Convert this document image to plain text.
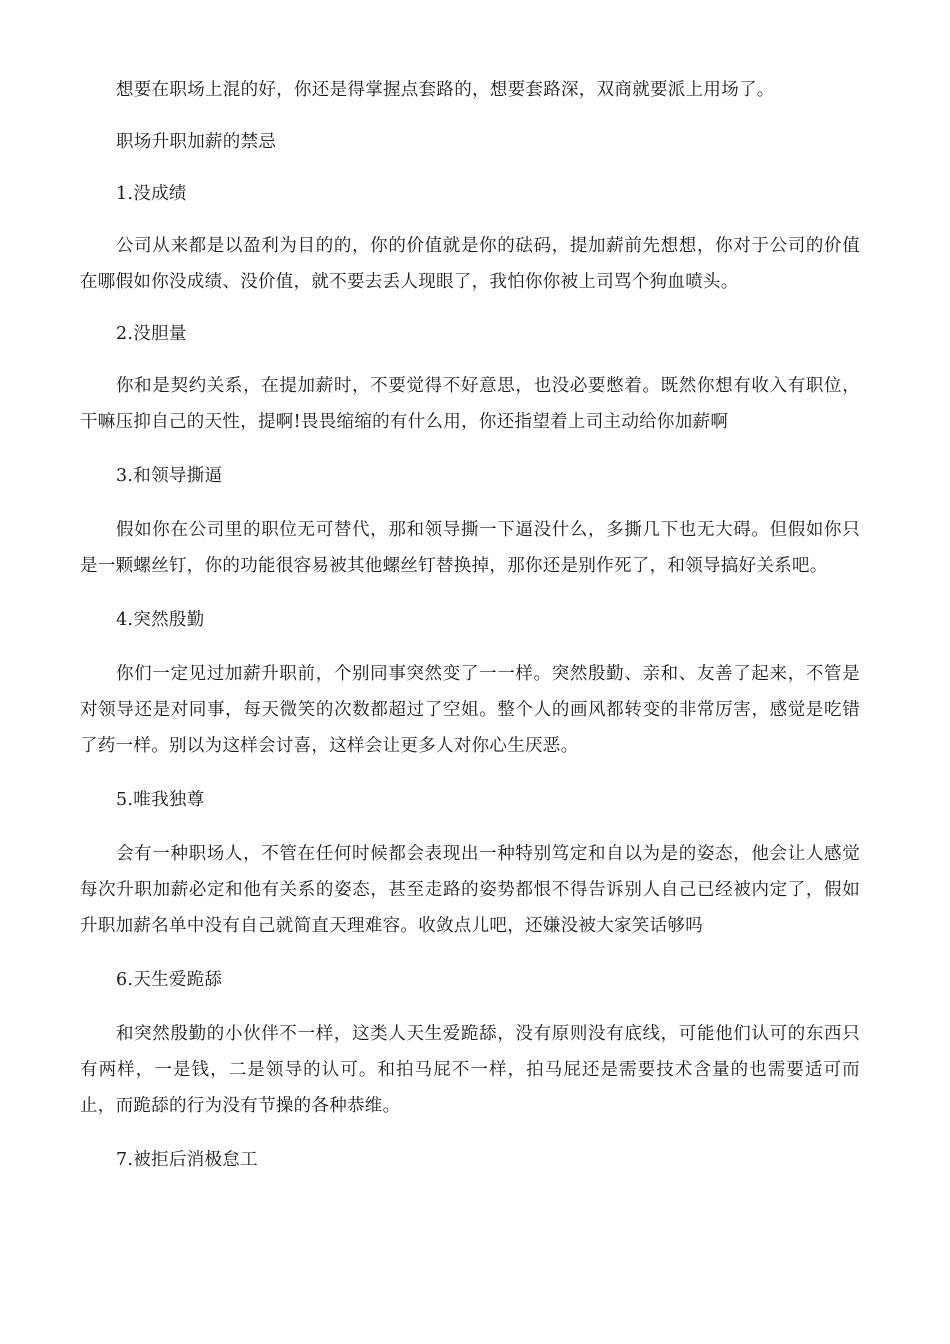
想要在职场上混的好，你还是得掌握点套路的，想要套路深，双商就要派上用场了。

职场升职加薪的禁忌

1.没成绩

公司从来都是以盈利为目的的，你的价值就是你的砝码，提加薪前先想想，你对于公司的价值在哪假如你没成绩、没价值，就不要去丢人现眼了，我怕你你被上司骂个狗血喷头。

2.没胆量

你和是契约关系，在提加薪时，不要觉得不好意思，也没必要憋着。既然你想有收入有职位，干嘛压抑自己的天性，提啊!畏畏缩缩的有什么用，你还指望着上司主动给你加薪啊

3.和领导撕逼

假如你在公司里的职位无可替代，那和领导撕一下逼没什么，多撕几下也无大碍。但假如你只是一颗螺丝钉，你的功能很容易被其他螺丝钉替换掉，那你还是别作死了，和领导搞好关系吧。

4.突然殷勤

你们一定见过加薪升职前，个别同事突然变了一一样。突然殷勤、亲和、友善了起来，不管是对领导还是对同事，每天微笑的次数都超过了空姐。整个人的画风都转变的非常厉害，感觉是吃错了药一样。别以为这样会讨喜，这样会让更多人对你心生厌恶。

5.唯我独尊

会有一种职场人，不管在任何时候都会表现出一种特别笃定和自以为是的姿态，他会让人感觉每次升职加薪必定和他有关系的姿态，甚至走路的姿势都恨不得告诉别人自己已经被内定了，假如升职加薪名单中没有自己就简直天理难容。收敛点儿吧，还嫌没被大家笑话够吗

6.天生爱跪舔

和突然殷勤的小伙伴不一样，这类人天生爱跪舔，没有原则没有底线，可能他们认可的东西只有两样，一是钱，二是领导的认可。和拍马屁不一样，拍马屁还是需要技术含量的也需要适可而止，而跪舔的行为没有节操的各种恭维。

7.被拒后消极怠工
